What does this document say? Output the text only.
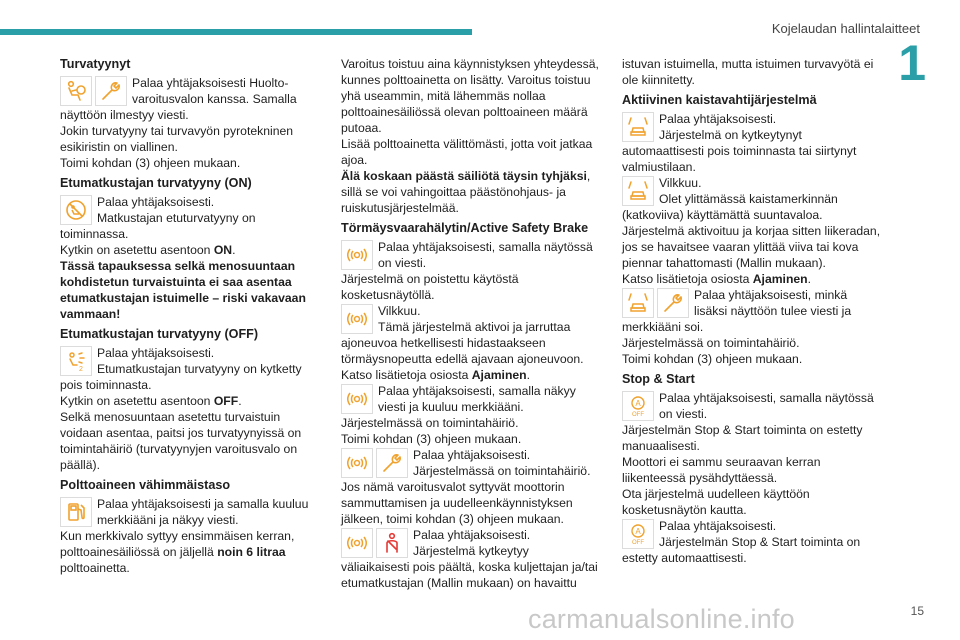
Kojelaudan hallintalaitteet
1
Turvatyynyt
Palaa yhtäjaksoisesti Huolto-
varoitusvalon kanssa. Samalla

näyttöön ilmestyy viesti.

Jokin turvatyyny tai turvavyön pyrotekninen esikiristin on viallinen.

Toimi kohdan (3) ohjeen mukaan.

Etumatkustajan turvatyyny (ON)
Palaa yhtäjaksoisesti.
Matkustajan etuturvatyyny on

toiminnassa.

Kytkin on asetettu asentoon ON.

Tässä tapauksessa selkä menosuuntaan kohdistetun turvaistuinta ei saa asentaa etumatkustajan istuimelle – riski vakavaan vammaan!

Etumatkustajan turvatyyny (OFF)
2
Palaa yhtäjaksoisesti.
Etumatkustajan turvatyyny on kytketty

pois toiminnasta.

Kytkin on asetettu asentoon OFF.

Selkä menosuuntaan asetettu turvaistuin voidaan asentaa, paitsi jos turvatyynyissä on toimintahäiriö (turvatyynyjen varoitusvalo on päällä).

Polttoaineen vähimmäistaso
Palaa yhtäjaksoisesti ja samalla kuuluu
merkkiääni ja näkyy viesti.

Kun merkkivalo syttyy ensimmäisen kerran, polttoainesäiliössä on jäljellä noin 6 litraa polttoainetta.

Varoitus toistuu aina käynnistyksen yhteydessä, kunnes polttoainetta on lisätty. Varoitus toistuu yhä useammin, mitä lähemmäs nollaa polttoainesäiliössä olevan polttoaineen määrä putoaa.

Lisää polttoainetta välittömästi, jotta voit jatkaa ajoa.

Älä koskaan päästä säiliötä täysin tyhjäksi, sillä se voi vahingoittaa päästönohjaus- ja ruiskutusjärjestelmää.

Törmäysvaarahälytin/Active Safety Brake
Palaa yhtäjaksoisesti, samalla näytössä
on viesti.

Järjestelmä on poistettu käytöstä kosketusnäytöllä.

Vilkkuu.
Tämä järjestelmä aktivoi ja jarruttaa

ajoneuvoa hetkellisesti hidastaakseen törmäysnopeutta edellä ajavaan ajoneuvoon.

Katso lisätietoja osiosta Ajaminen.

Palaa yhtäjaksoisesti, samalla näkyy
viesti ja kuuluu merkkiääni.

Järjestelmässä on toimintahäiriö.

Toimi kohdan (3) ohjeen mukaan.

Palaa yhtäjaksoisesti.
Järjestelmässä on toimintahäiriö.

Jos nämä varoitusvalot syttyvät moottorin sammuttamisen ja uudelleenkäynnistyksen jälkeen, toimi kohdan (3) ohjeen mukaan.

Palaa yhtäjaksoisesti.
Järjestelmä kytkeytyy

väliaikaisesti pois päältä, koska kuljettajan ja/tai etumatkustajan (Mallin mukaan) on havaittu

istuvan istuimella, mutta istuimen turvavyötä ei ole kiinnitetty.

Aktiivinen kaistavahtijärjestelmä
Palaa yhtäjaksoisesti.
Järjestelmä on kytkeytynyt

automaattisesti pois toiminnasta tai siirtynyt valmiustilaan.

Vilkkuu.
Olet ylittämässä kaistamerkinnän

(katkoviiva) käyttämättä suuntavaloa.

Järjestelmä aktivoituu ja korjaa sitten liikeradan, jos se havaitsee vaaran ylittää viiva tai kova piennar tahattomasti (Mallin mukaan).

Katso lisätietoja osiosta Ajaminen.

Palaa yhtäjaksoisesti, minkä
lisäksi näyttöön tulee viesti ja

merkkiääni soi.

Järjestelmässä on toimintahäiriö.

Toimi kohdan (3) ohjeen mukaan.

Stop & Start
A
OFF
Palaa yhtäjaksoisesti, samalla näytössä
on viesti.

Järjestelmän Stop & Start toiminta on estetty manuaalisesti.

Moottori ei sammu seuraavan kerran liikenteessä pysähdyttäessä.

Ota järjestelmä uudelleen käyttöön kosketusnäytön kautta.

A
OFF
Palaa yhtäjaksoisesti.
Järjestelmän Stop & Start toiminta on

estetty automaattisesti.

carmanualsonline.info	15
